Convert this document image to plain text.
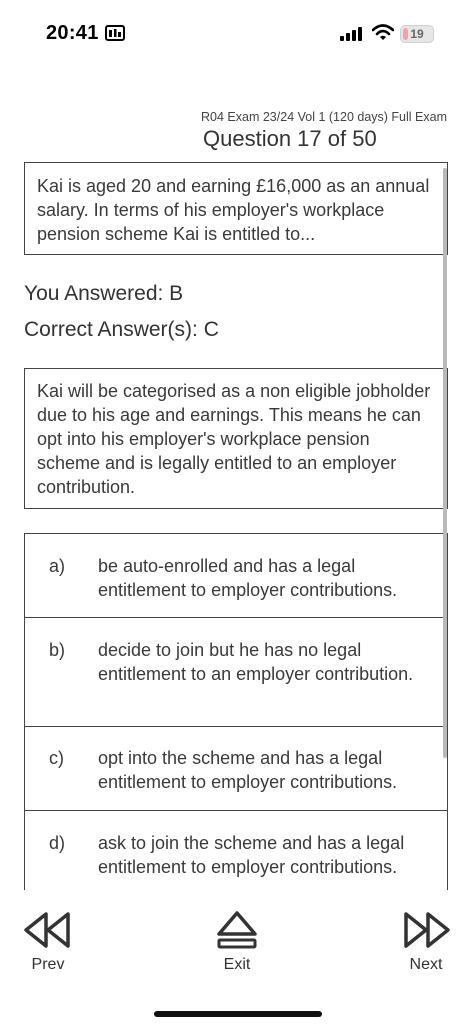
20:41	19
R04 Exam 23/24 Vol 1 (120 days) Full Exam
Question 17 of 50
Kai is aged 20 and earning £16,000 as an annual salary. In terms of his employer's workplace pension scheme Kai is entitled to...
You Answered: B
Correct Answer(s): C
Kai will be categorised as a non eligible jobholder due to his age and earnings. This means he can opt into his employer's workplace pension scheme and is legally entitled to an employer contribution.
a) be auto-enrolled and has a legal entitlement to employer contributions.
b) decide to join but he has no legal entitlement to an employer contribution.
c) opt into the scheme and has a legal entitlement to employer contributions.
d) ask to join the scheme and has a legal entitlement to employer contributions.
Prev	Exit	Next
